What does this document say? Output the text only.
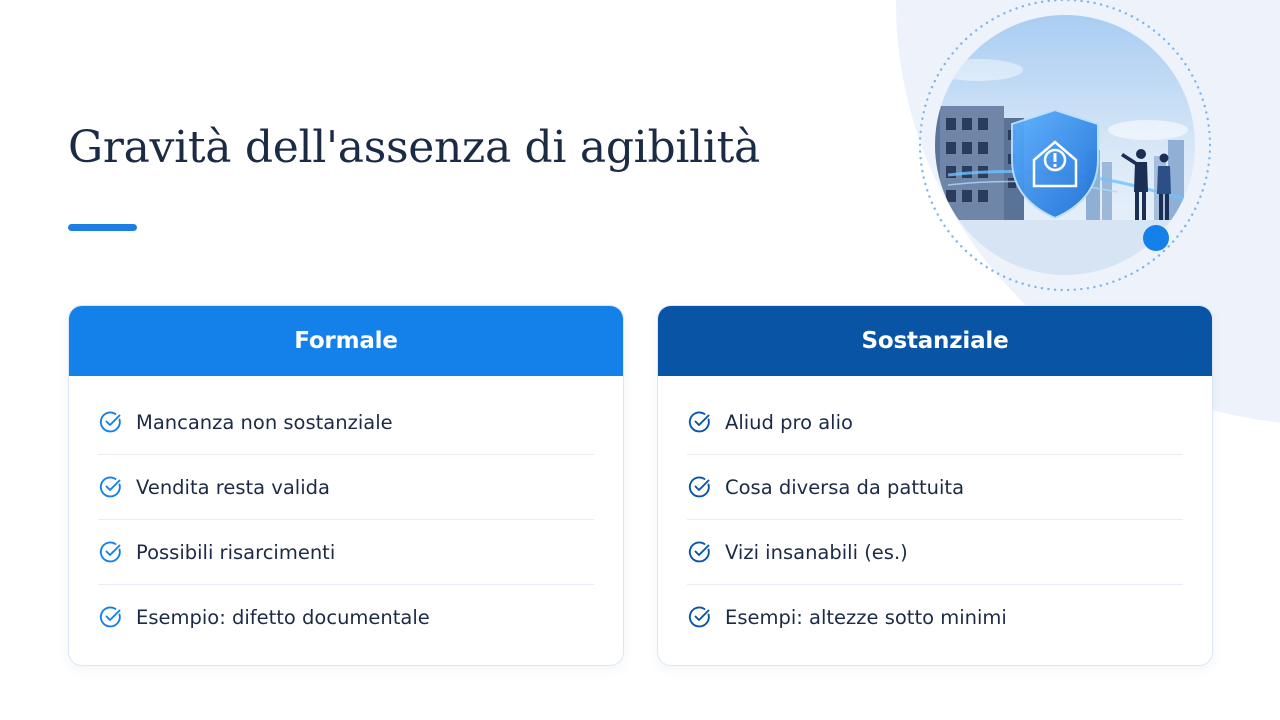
Gravità dell'assenza di agibilità
Formale
Mancanza non sostanziale
Vendita resta valida
Possibili risarcimenti
Esempio: difetto documentale
Sostanziale
Aliud pro alio
Cosa diversa da pattuita
Vizi insanabili (es.)
Esempi: altezze sotto minimi
